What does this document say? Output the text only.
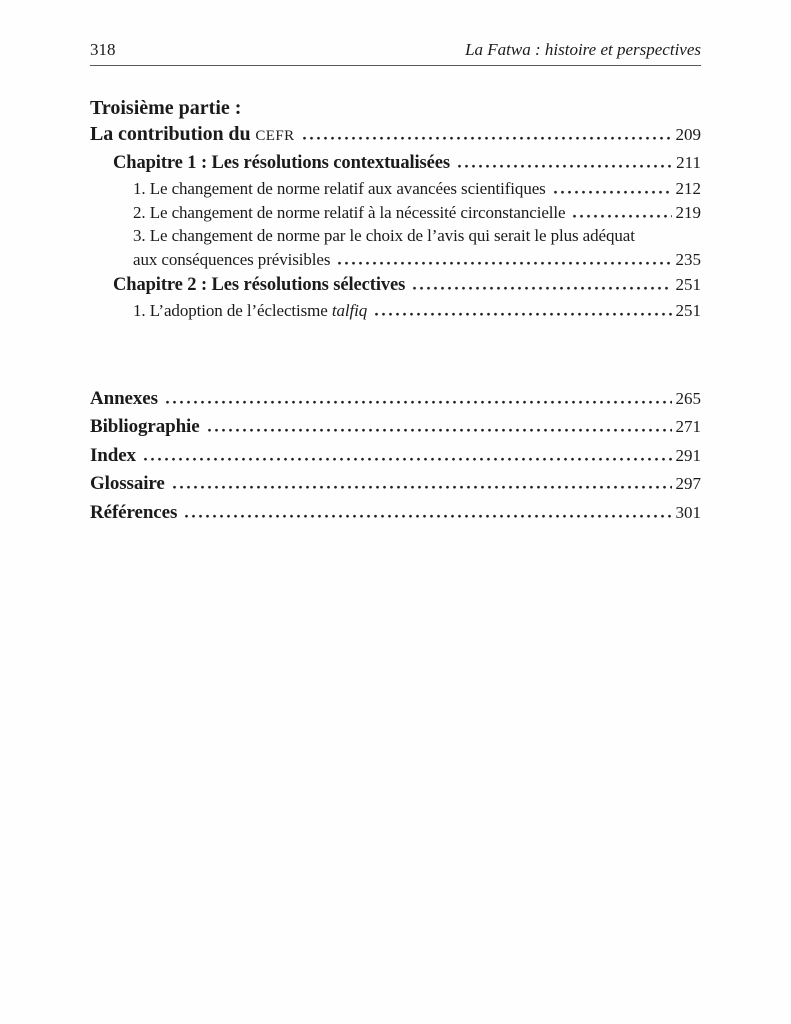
318	La Fatwa : histoire et perspectives
Troisième partie :
La contribution du CEFR	209
Chapitre 1 : Les résolutions contextualisées	211
1. Le changement de norme relatif aux avancées scientifiques	212
2. Le changement de norme relatif à la nécessité circonstancielle	219
3. Le changement de norme par le choix de l’avis qui serait le plus adéquat
aux conséquences prévisibles	235
Chapitre 2 : Les résolutions sélectives	251
1. L’adoption de l’éclectisme talfiq	251
Annexes	265
Bibliographie	271
Index	291
Glossaire	297
Références	301
